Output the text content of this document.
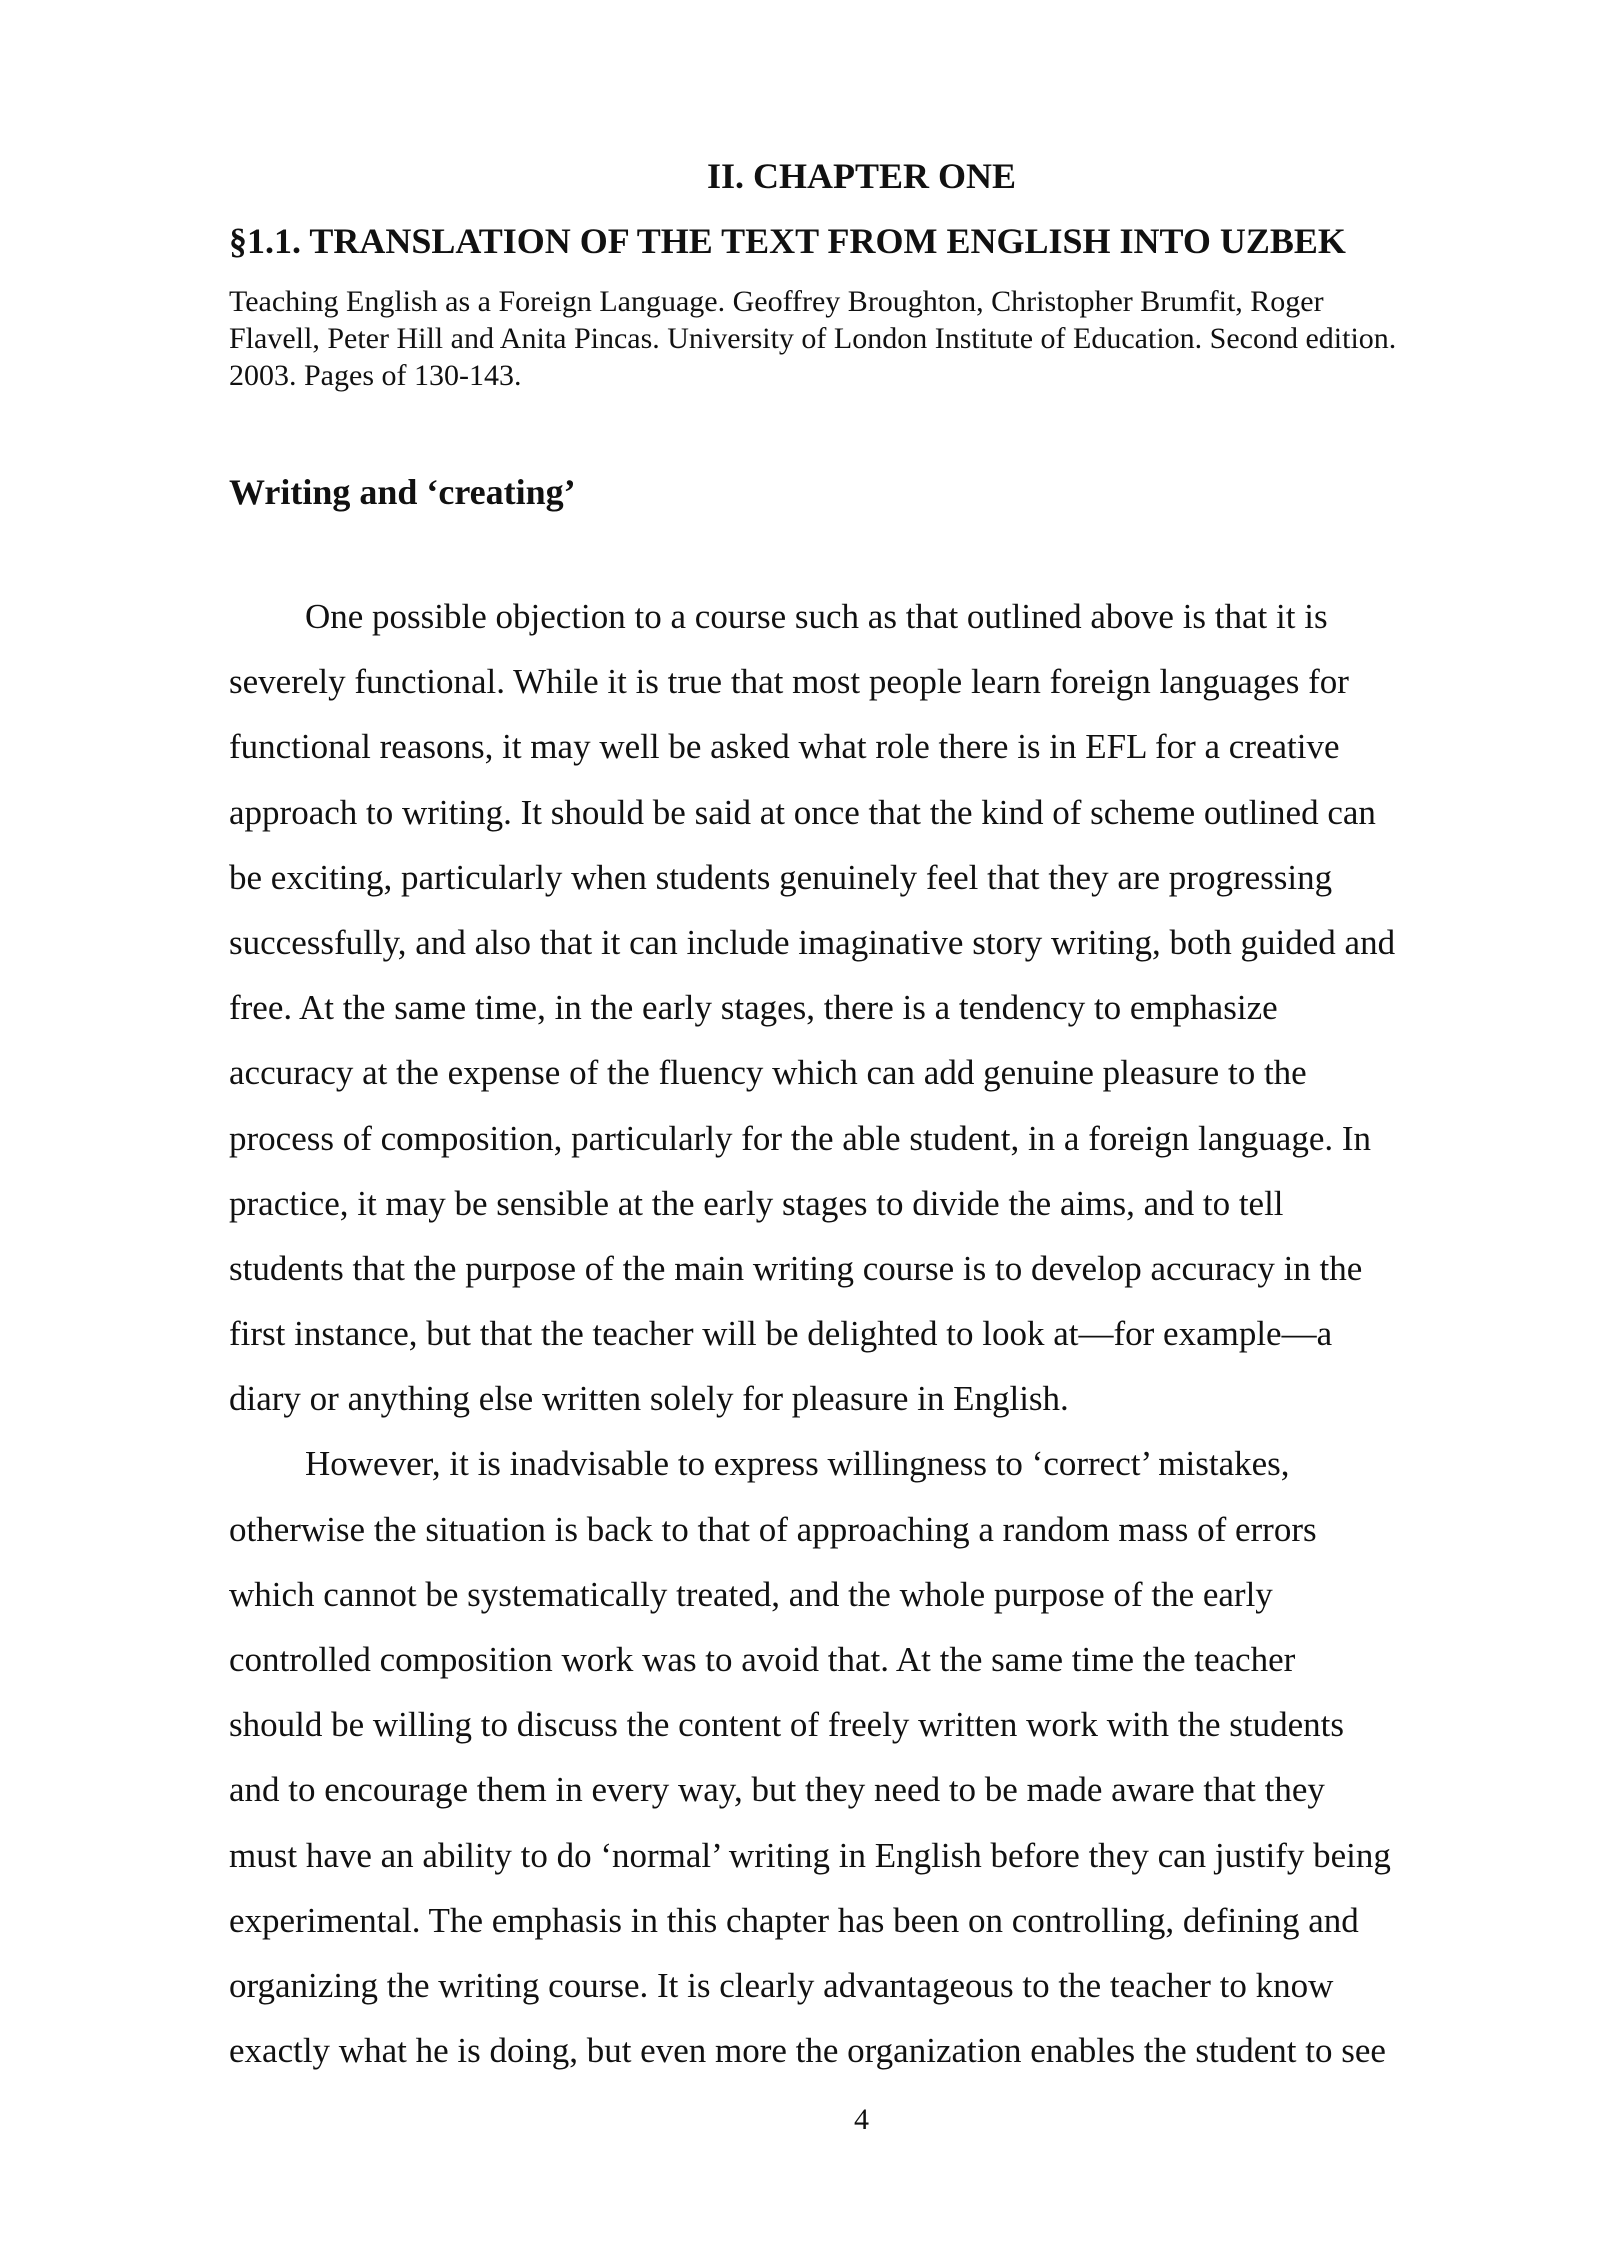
II. CHAPTER ONE
§1.1. TRANSLATION OF THE TEXT FROM ENGLISH INTO UZBEK

Teaching English as a Foreign Language. Geoffrey Broughton, Christopher Brumfit, Roger
Flavell, Peter Hill and Anita Pincas. University of London Institute of Education. Second edition.
2003. Pages of 130-143.

Writing and ‘creating’
One possible objection to a course such as that outlined above is that it is
severely functional. While it is true that most people learn foreign languages for
functional reasons, it may well be asked what role there is in EFL for a creative
approach to writing. It should be said at once that the kind of scheme outlined can
be exciting, particularly when students genuinely feel that they are progressing
successfully, and also that it can include imaginative story writing, both guided and
free. At the same time, in the early stages, there is a tendency to emphasize
accuracy at the expense of the fluency which can add genuine pleasure to the
process of composition, particularly for the able student, in a foreign language. In
practice, it may be sensible at the early stages to divide the aims, and to tell
students that the purpose of the main writing course is to develop accuracy in the
first instance, but that the teacher will be delighted to look at—for example—a
diary or anything else written solely for pleasure in English.
However, it is inadvisable to express willingness to ‘correct’ mistakes,
otherwise the situation is back to that of approaching a random mass of errors
which cannot be systematically treated, and the whole purpose of the early
controlled composition work was to avoid that. At the same time the teacher
should be willing to discuss the content of freely written work with the students
and to encourage them in every way, but they need to be made aware that they
must have an ability to do ‘normal’ writing in English before they can justify being
experimental. The emphasis in this chapter has been on controlling, defining and
organizing the writing course. It is clearly advantageous to the teacher to know
exactly what he is doing, but even more the organization enables the student to see
4
